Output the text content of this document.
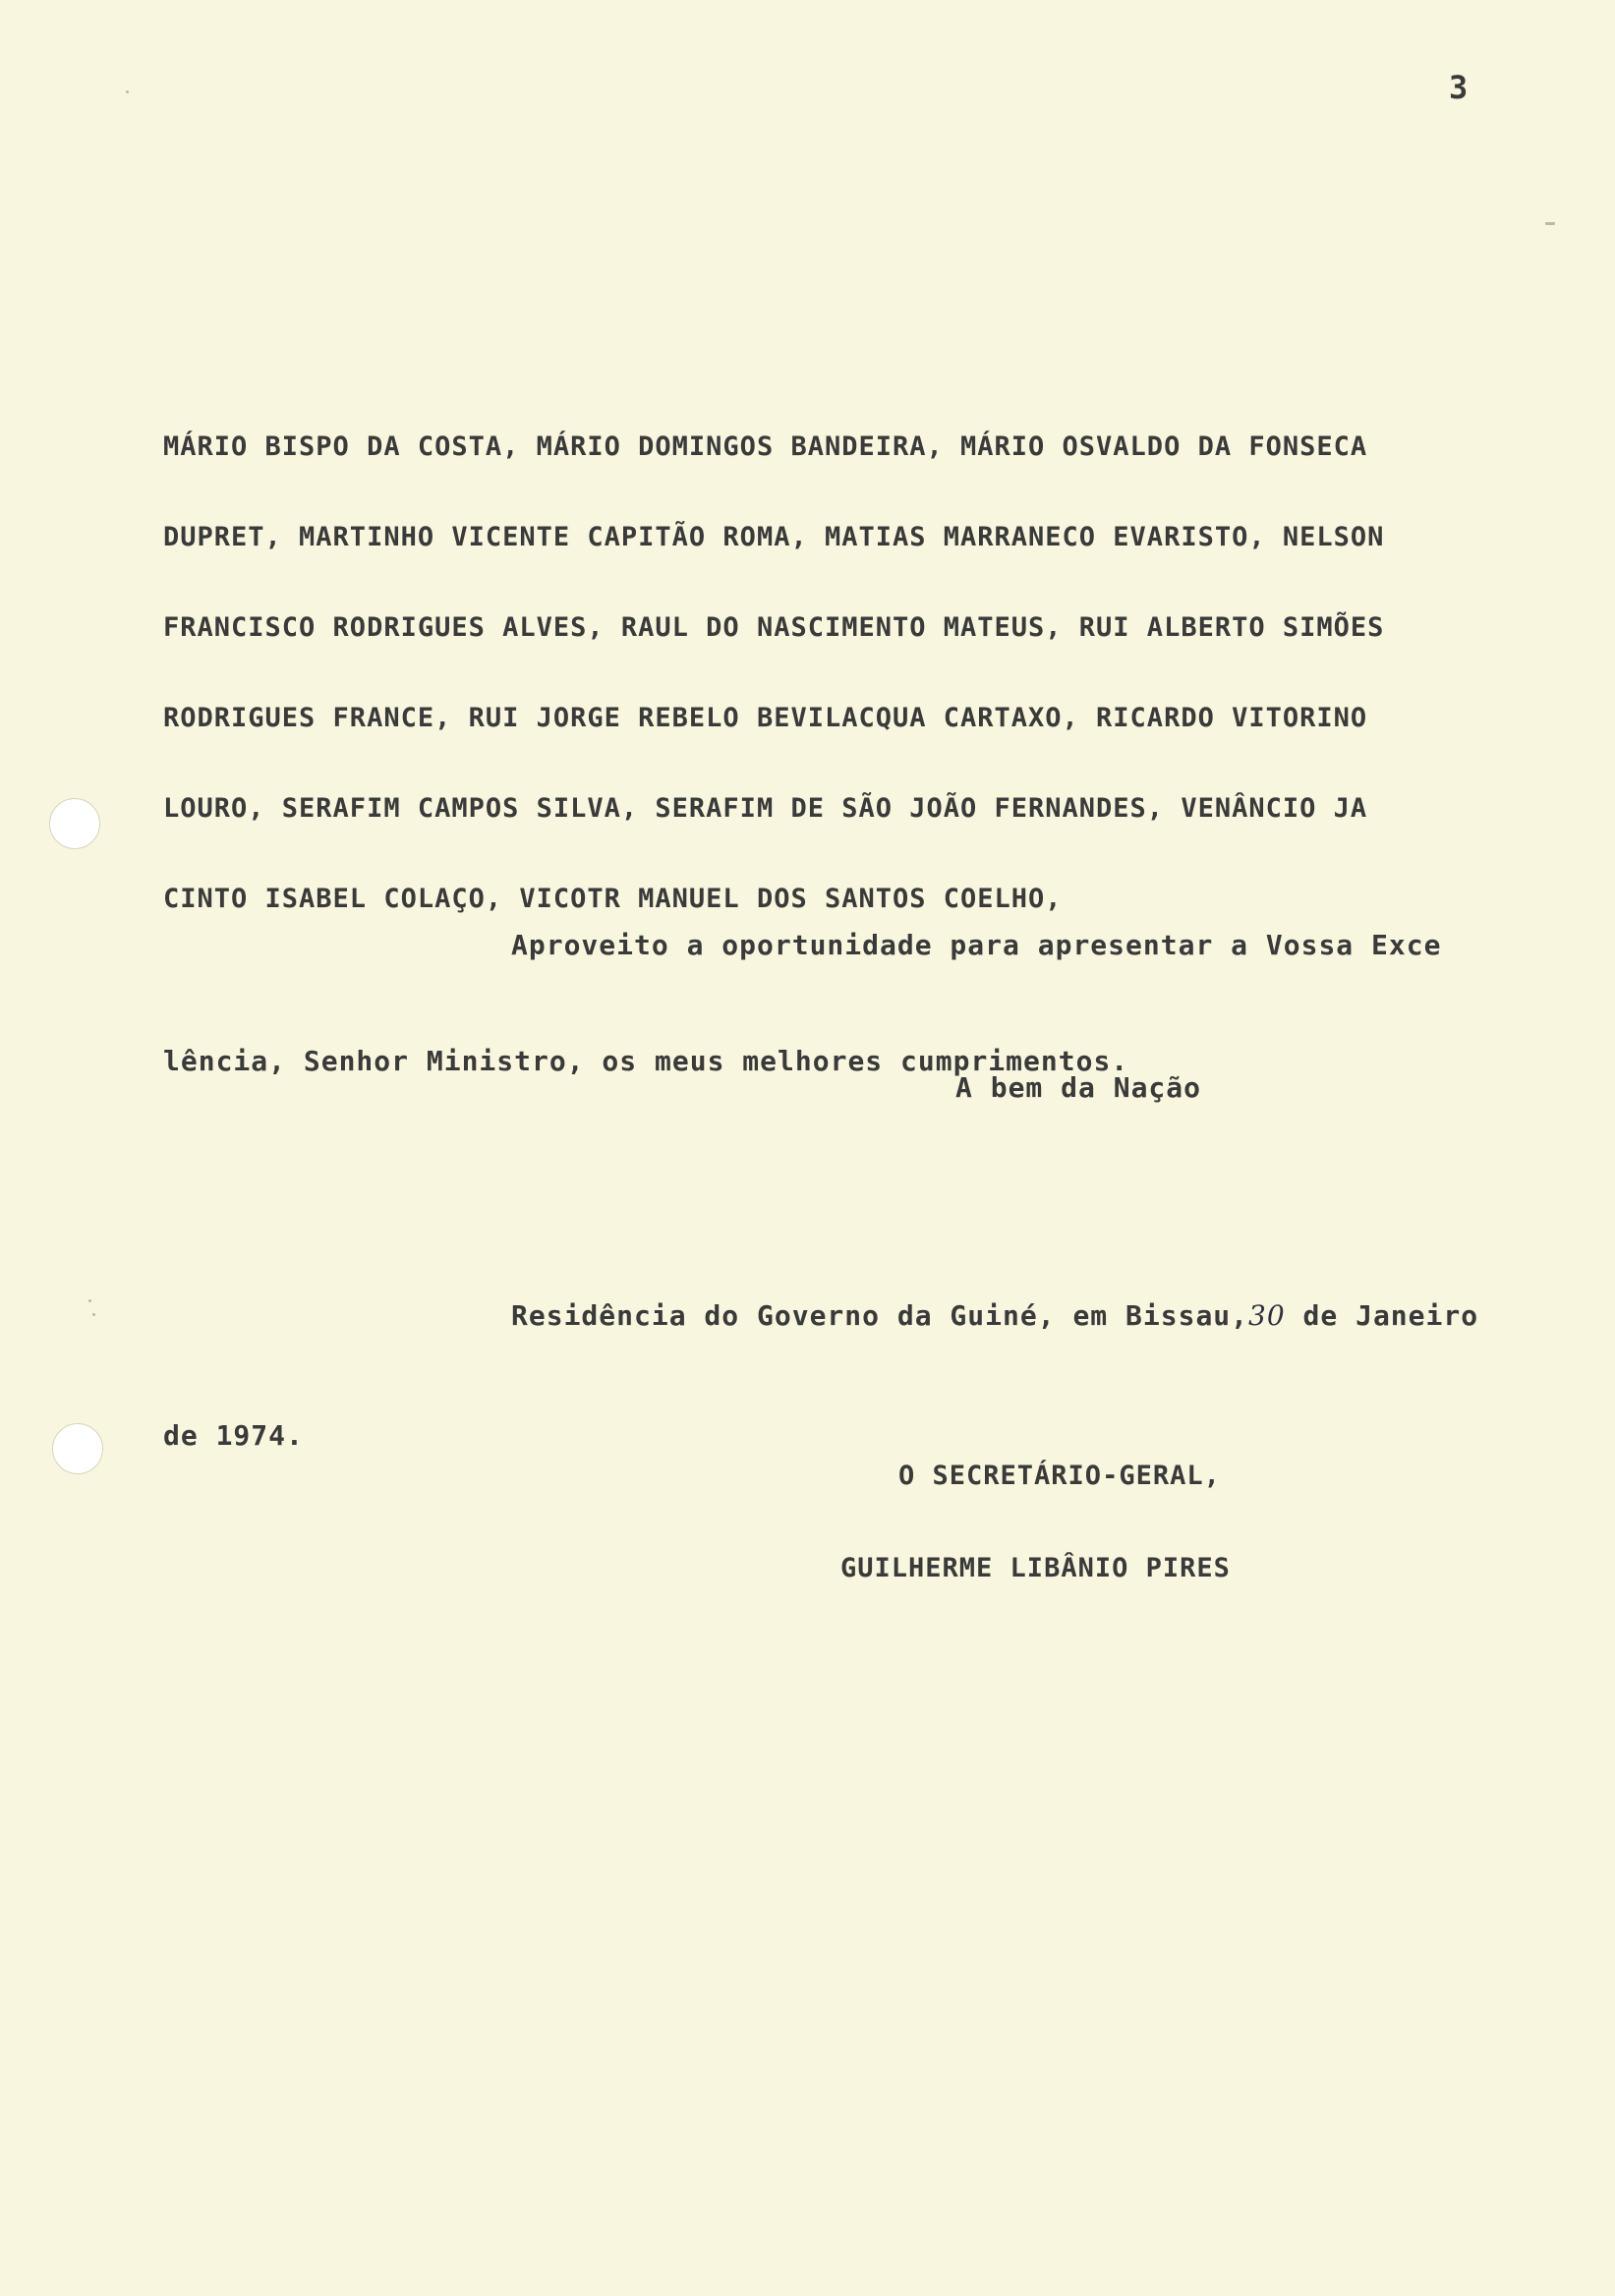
3

MÁRIO BISPO DA COSTA, MÁRIO DOMINGOS BANDEIRA, MÁRIO OSVALDO DA FONSECA

DUPRET, MARTINHO VICENTE CAPITÃO ROMA, MATIAS MARRANECO EVARISTO, NELSON

FRANCISCO RODRIGUES ALVES, RAUL DO NASCIMENTO MATEUS, RUI ALBERTO SIMÕES

RODRIGUES FRANCE, RUI JORGE REBELO BEVILACQUA CARTAXO, RICARDO VITORINO

LOURO, SERAFIM CAMPOS SILVA, SERAFIM DE SÃO JOÃO FERNANDES, VENÂNCIO JA

CINTO ISABEL COLAÇO, VICOTR MANUEL DOS SANTOS COELHO,

Aproveito a oportunidade para apresentar a Vossa Exce

lência, Senhor Ministro, os meus melhores cumprimentos.

A bem da Nação

Residência do Governo da Guiné, em Bissau,30 de Janeiro

de 1974.

O SECRETÁRIO-GERAL,
GUILHERME LIBÂNIO PIRES
